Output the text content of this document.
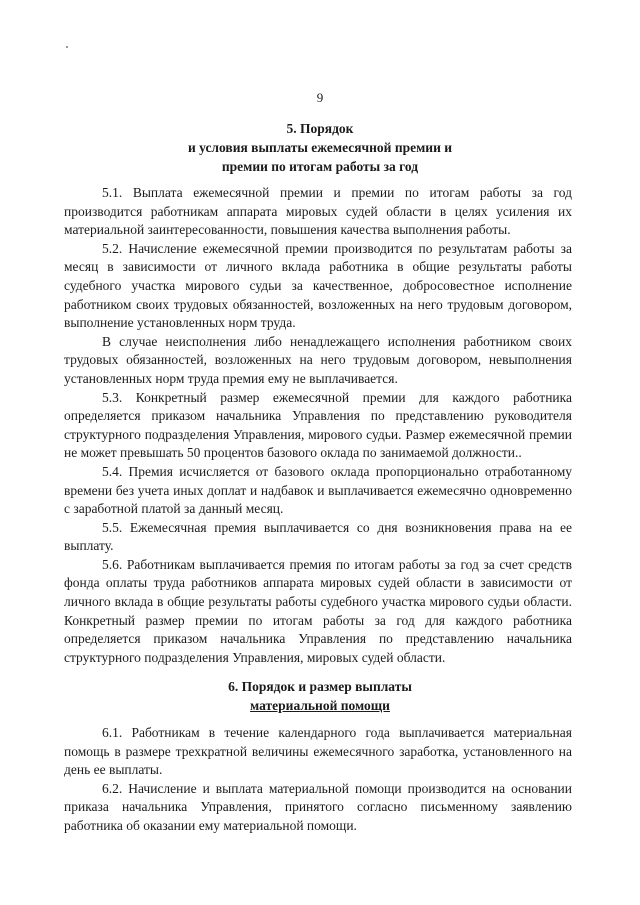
9
5. Порядок
и условия выплаты ежемесячной премии и
премии по итогам работы за год

5.1. Выплата ежемесячной премии и премии по итогам работы за год производится работникам аппарата мировых судей области в целях усиления их материальной заинтересованности, повышения качества выполнения работы.

5.2. Начисление ежемесячной премии производится по результатам работы за месяц в зависимости от личного вклада работника в общие результаты работы судебного участка мирового судьи за качественное, добросовестное исполнение работником своих трудовых обязанностей, возложенных на него трудовым договором, выполнение установленных норм труда.

В случае неисполнения либо ненадлежащего исполнения работником своих трудовых обязанностей, возложенных на него трудовым договором, невыполнения установленных норм труда премия ему не выплачивается.

5.3. Конкретный размер ежемесячной премии для каждого работника определяется приказом начальника Управления по представлению руководителя структурного подразделения Управления, мирового судьи. Размер ежемесячной премии не может превышать 50 процентов базового оклада по занимаемой должности..

5.4. Премия исчисляется от базового оклада пропорционально отработанному времени без учета иных доплат и надбавок и выплачивается ежемесячно одновременно с заработной платой за данный месяц.

5.5. Ежемесячная премия выплачивается со дня возникновения права на ее выплату.

5.6. Работникам выплачивается премия по итогам работы за год за счет средств фонда оплаты труда работников аппарата мировых судей области в зависимости от личного вклада в общие результаты работы судебного участка мирового судьи области. Конкретный размер премии по итогам работы за год для каждого работника определяется приказом начальника Управления по представлению начальника структурного подразделения Управления, мировых судей области.

6. Порядок и размер выплаты
материальной помощи

6.1. Работникам в течение календарного года выплачивается материальная помощь в размере трехкратной величины ежемесячного заработка, установленного на день ее выплаты.

6.2. Начисление и выплата материальной помощи производится на основании приказа начальника Управления, принятого согласно письменному заявлению работника об оказании ему материальной помощи.
